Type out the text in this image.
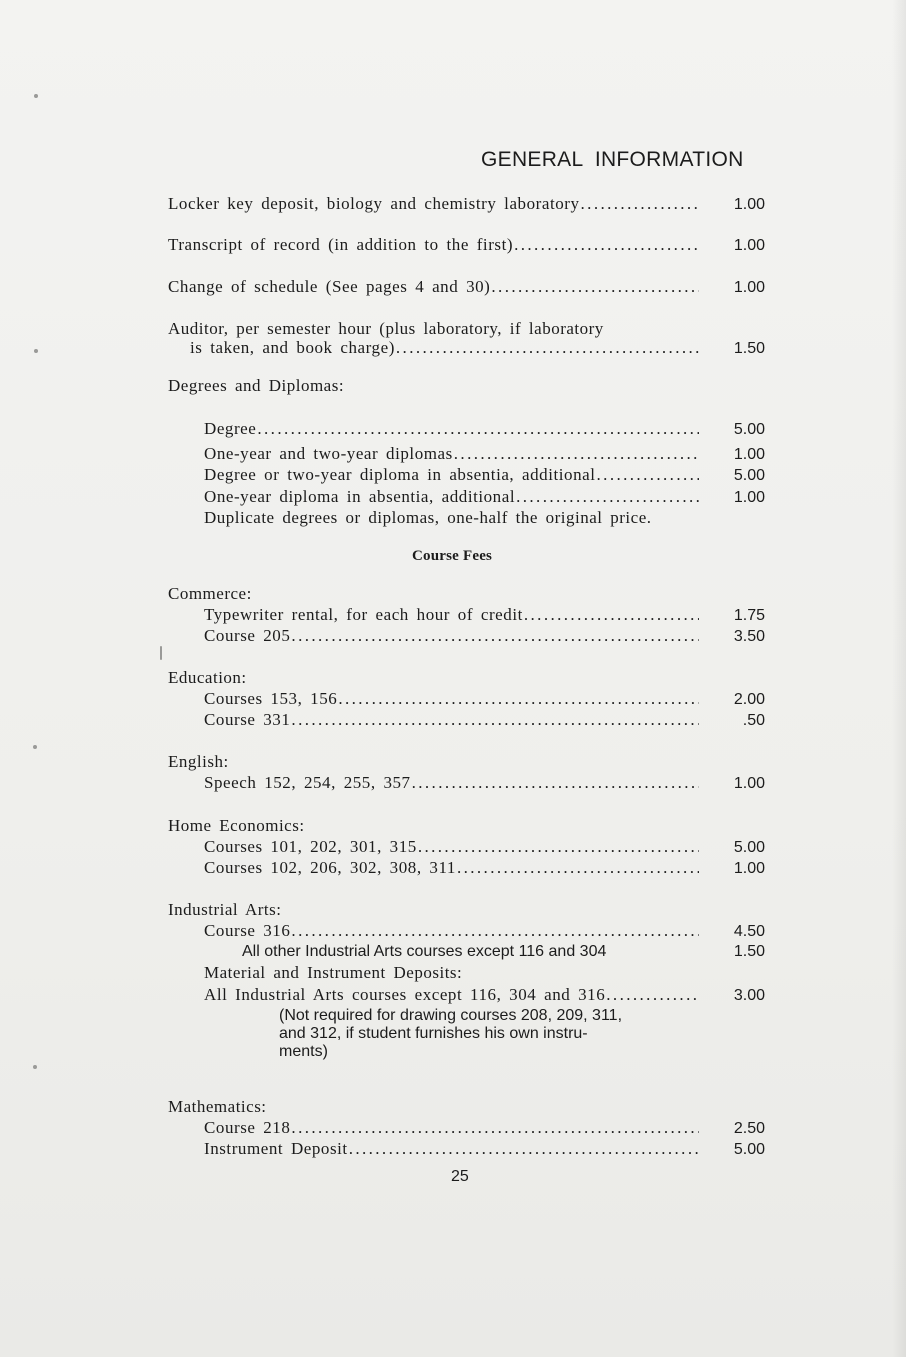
GENERAL INFORMATION
Locker key deposit, biology and chemistry laboratory .....	1.00
Transcript of record (in addition to the first) .....	1.00
Change of schedule (See pages 4 and 30) .....	1.00
Auditor, per semester hour (plus laboratory, if laboratory
is taken, and book charge) .....	1.50
Degrees and Diplomas:
Degree .....	5.00
One-year and two-year diplomas .....	1.00
Degree or two-year diploma in absentia, additional .....	5.00
One-year diploma in absentia, additional .....	1.00
Duplicate degrees or diplomas, one-half the original price.
Course Fees
Commerce:
Typewriter rental, for each hour of credit .....	1.75
Course 205 .....	3.50
Education:
Courses 153, 156 .....	2.00
Course 331 .....	.50
English:
Speech 152, 254, 255, 357 .....	1.00
Home Economics:
Courses 101, 202, 301, 315 .....	5.00
Courses 102, 206, 302, 308, 311 .....	1.00
Industrial Arts:
Course 316 .....	4.50
All other Industrial Arts courses except 116 and 304	1.50
Material and Instrument Deposits:
All Industrial Arts courses except 116, 304 and 316 .....	3.00
(Not required for drawing courses 208, 209, 311,
and 312, if student furnishes his own instru-
ments)
Mathematics:
Course 218 .....	2.50
Instrument Deposit .....	5.00
25
